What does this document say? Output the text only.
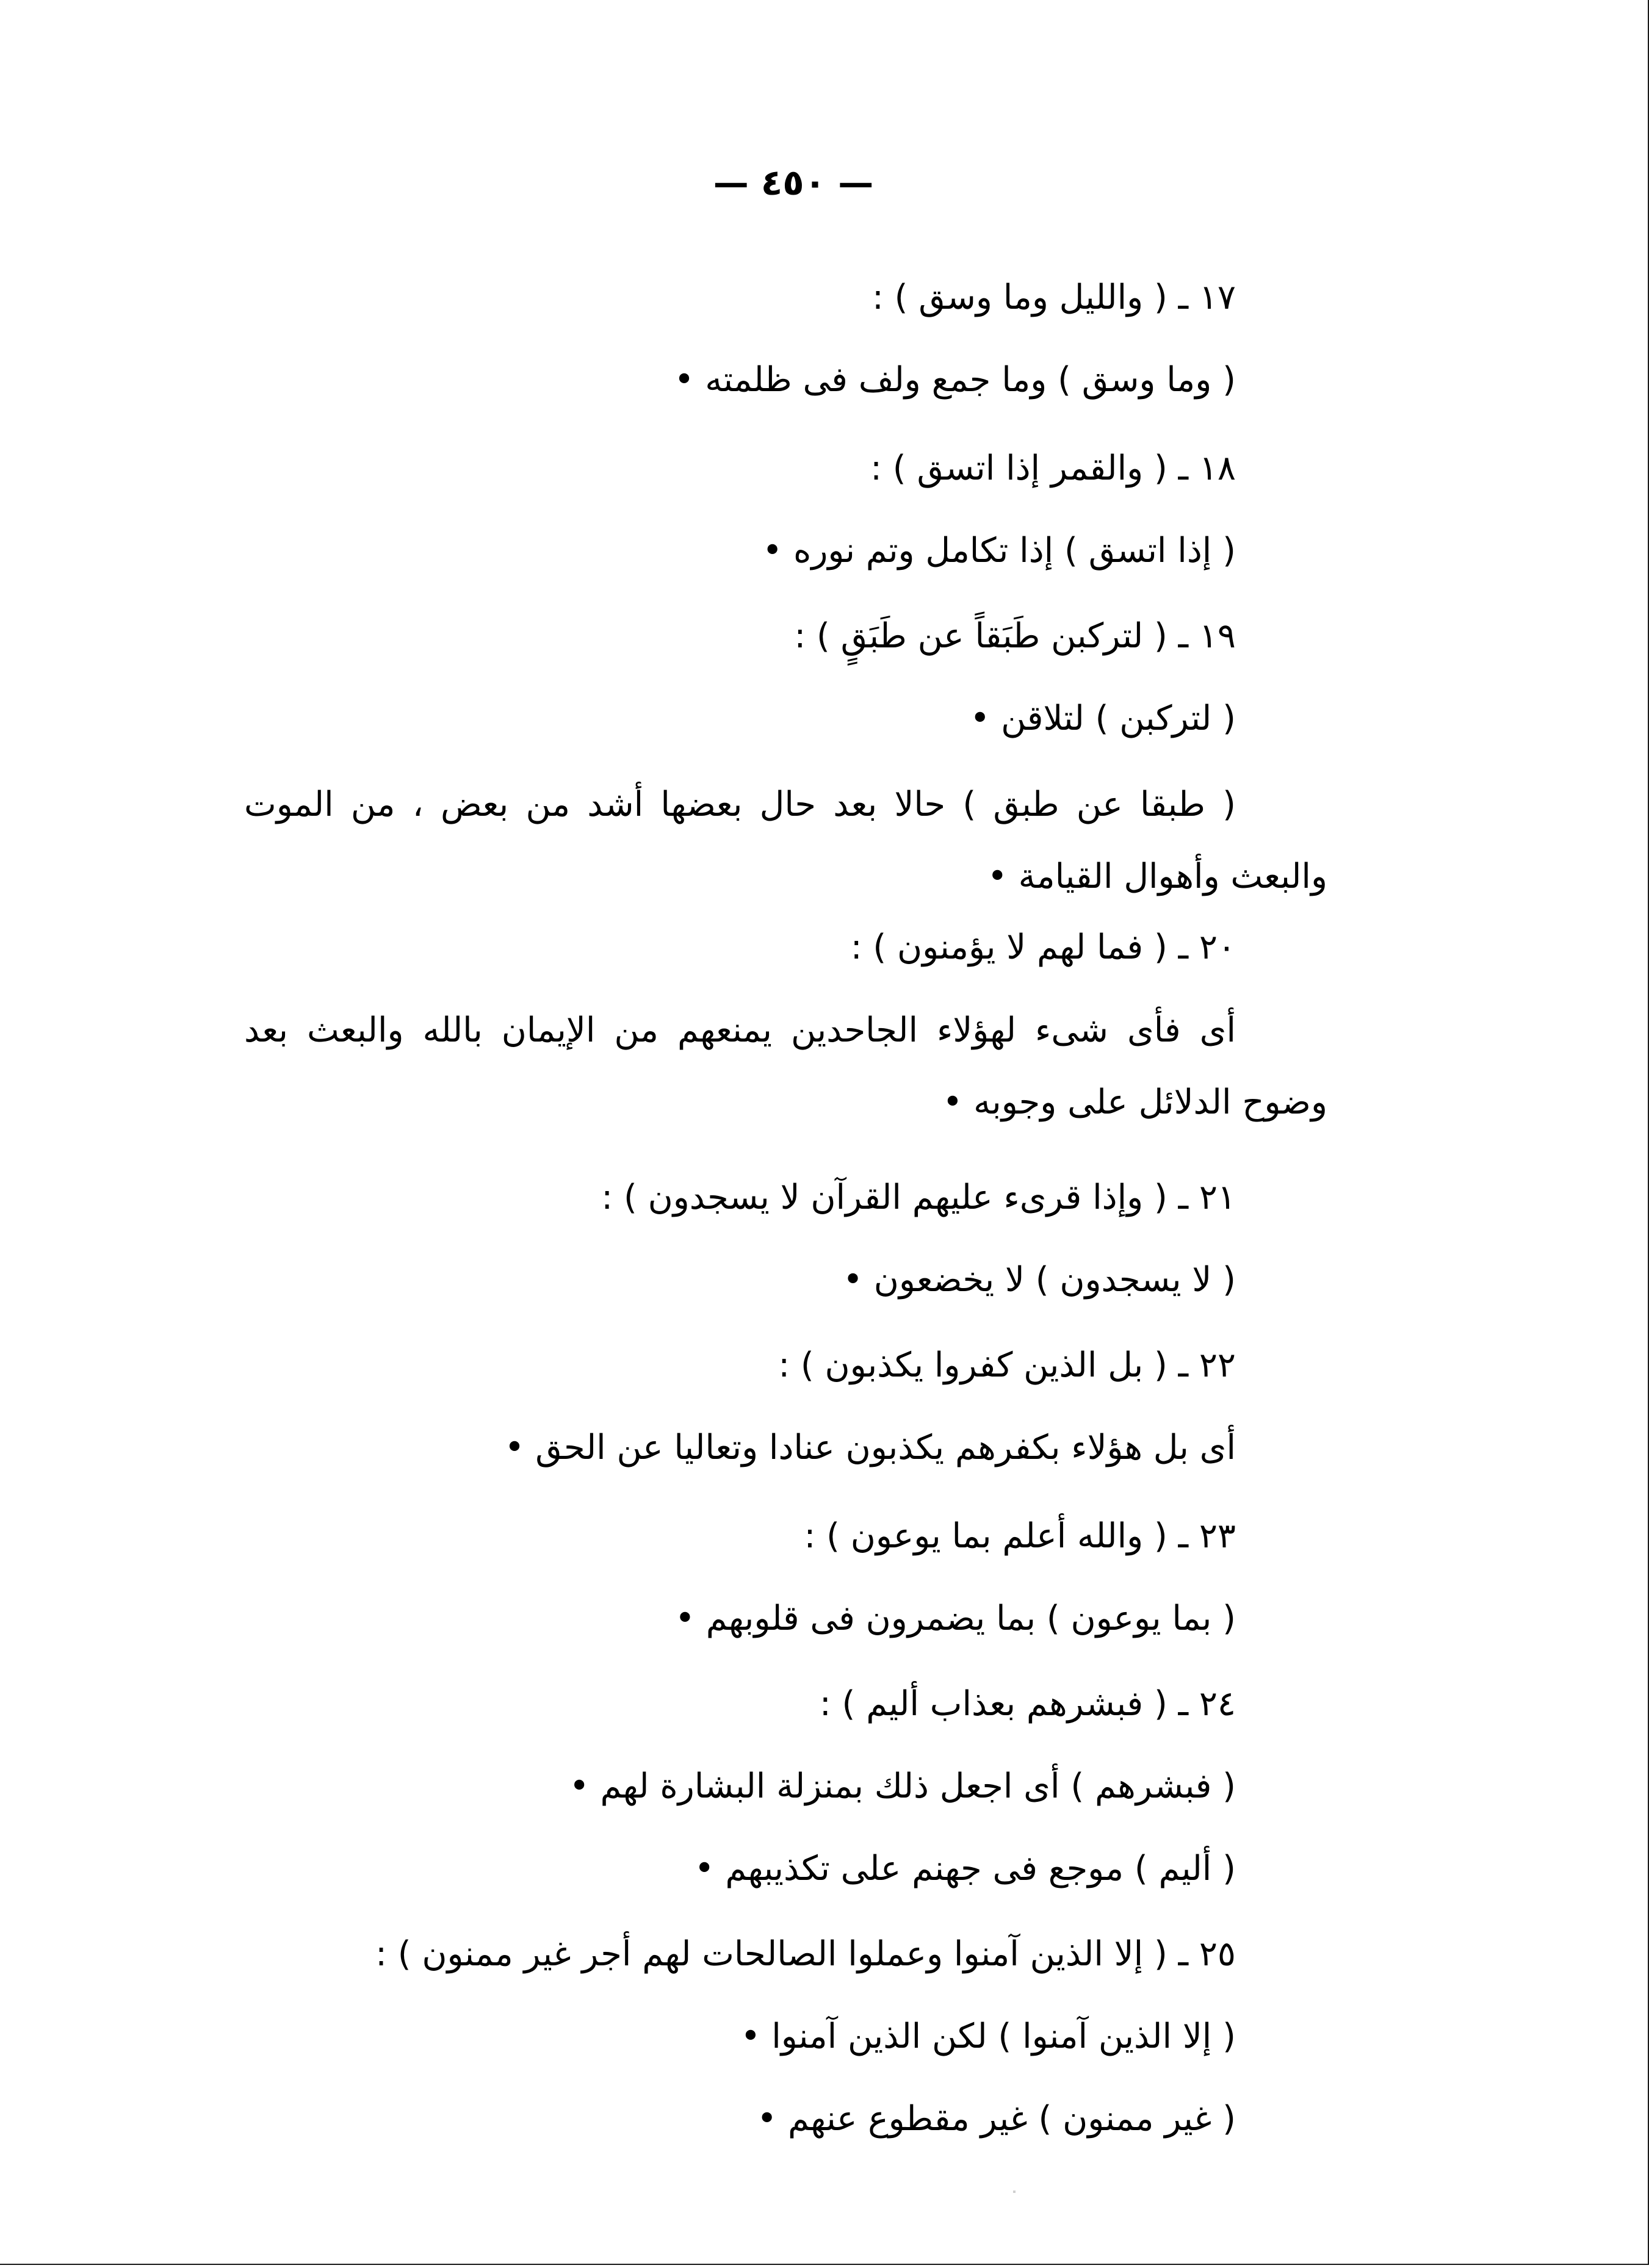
— ٤٥٠ —
١٧ ـ ( والليل وما وسق ) :
( وما وسق ) وما جمع ولف فى ظلمته •
١٨ ـ ( والقمر إذا اتسق ) :
( إذا اتسق ) إذا تكامل وتم نوره •
١٩ ـ ( لتركبن طَبَقاً عن طَبَقٍ ) :
( لتركبن ) لتلاقن •
( طبقا عن طبق ) حالا بعد حال بعضها أشد من بعض ، من الموت والبعث وأهوال القيامة •
٢٠ ـ ( فما لهم لا يؤمنون ) :
أى فأى شىء لهؤلاء الجاحدين يمنعهم من الإيمان بالله والبعث بعد وضوح الدلائل على وجوبه •
٢١ ـ ( وإذا قرىء عليهم القرآن لا يسجدون ) :
( لا يسجدون ) لا يخضعون •
٢٢ ـ ( بل الذين كفروا يكذبون ) :
أى بل هؤلاء بكفرهم يكذبون عنادا وتعاليا عن الحق •
٢٣ ـ ( والله أعلم بما يوعون ) :
( بما يوعون ) بما يضمرون فى قلوبهم •
٢٤ ـ ( فبشرهم بعذاب أليم ) :
( فبشرهم ) أى اجعل ذلك بمنزلة البشارة لهم •
( أليم ) موجع فى جهنم على تكذيبهم •
٢٥ ـ ( إلا الذين آمنوا وعملوا الصالحات لهم أجر غير ممنون ) :
( إلا الذين آمنوا ) لكن الذين آمنوا •
( غير ممنون ) غير مقطوع عنهم •
